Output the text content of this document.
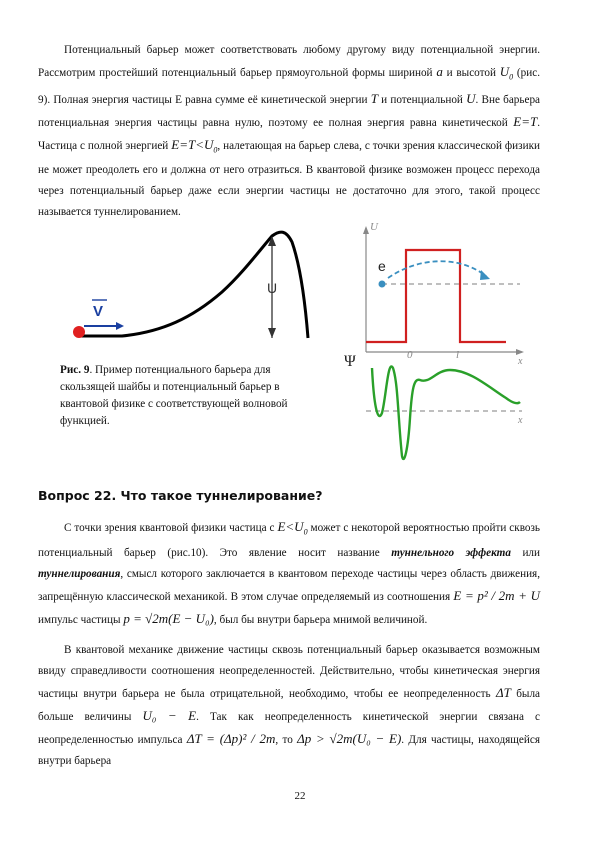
Потенциальный барьер может соответствовать любому другому виду потенциальной энергии. Рассмотрим простейший потенциальный барьер прямоугольной формы шириной a и высотой $U_0$ (рис. 9). Полная энергия частицы E равна сумме её кинетической энергии T и потенциальной U. Вне барьера потенциальная энергия частицы равна нулю, поэтому ее полная энергия равна кинетической E=T. Частица с полной энергией $E=T<U_0$, налетающая на барьер слева, с точки зрения классической физики не может преодолеть его и должна от него отразиться. В квантовой физике возможен процесс перехода через потенциальный барьер даже если энергии частицы не достаточно для этого, такой процесс называется туннелированием.

U
V

Рис. 9. Пример потенциального барьера для скользящей шайбы и потенциальный барьер в квантовой физике с соответствующей волновой функцией.

U
x
0	l
e
Ψ
x

Вопрос 22. Что такое туннелирование?

С точки зрения квантовой физики частица с $E<U_0$ может с некоторой вероятностью пройти сквозь потенциальный барьер (рис.10). Это явление носит название туннельного эффекта или туннелирования, смысл которого заключается в квантовом переходе частицы через область движения, запрещённую классической механикой. В этом случае определяемый из соотношения E = p² / 2m + U импульс частицы p = √2m(E − U₀), был бы внутри барьера мнимой величиной.

В квантовой механике движение частицы сквозь потенциальный барьер оказывается возможным ввиду справедливости соотношения неопределенностей. Действительно, чтобы кинетическая энергия частицы внутри барьера не была отрицательной, необходимо, чтобы ее неопределенность ΔT была больше величины U₀ − E. Так как неопределенность кинетической энергии связана с неопределенностью импульса ΔT = (Δp)² / 2m, то Δp > √2m(U₀ − E). Для частицы, находящейся внутри барьера

22
